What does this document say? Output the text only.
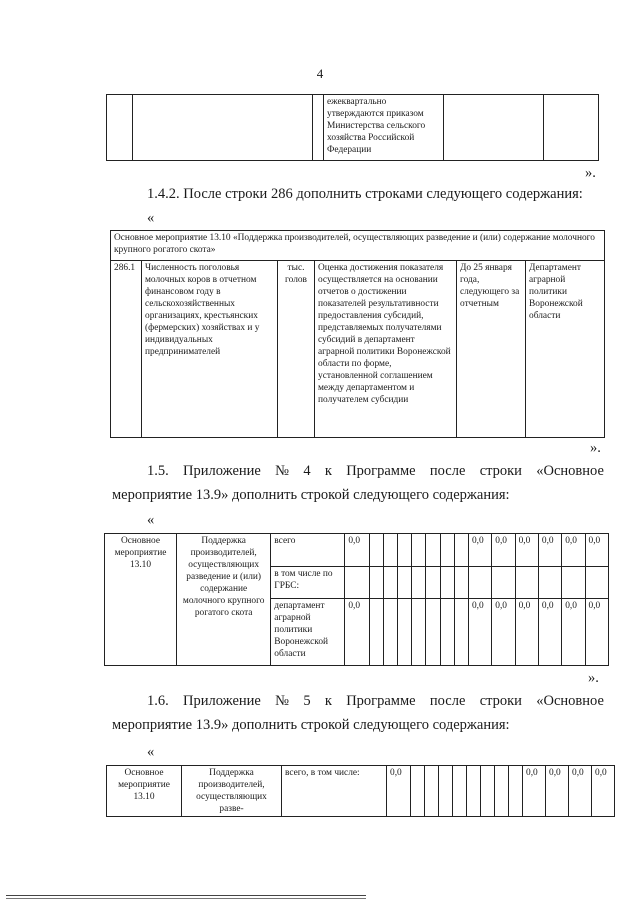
4
			ежеквартально утверждаются приказом Министерства сельского хозяйства Российской Федерации		
».
1.4.2. После строки 286 дополнить строками следующего содержания:
«
Основное мероприятие 13.10 «Поддержка производителей, осуществляющих разведение и (или) содержание молочного крупного рогатого скота»
286.1	Численность поголовья молочных коров в отчетном финансовом году в сельскохозяйственных организациях, крестьянских (фермерских) хозяйствах и у индивидуальных предпринимателей	тыс. голов	Оценка достижения показателя осуществляется на основании отчетов о достижении показателей результативности предоставления субсидий, представляемых получателями субсидий в департамент аграрной политики Воронежской области по форме, установленной соглашением между департаментом и получателем субсидии	До 25 января года, следующего за отчетным	Департамент аграрной политики Воронежской области
».
1.5. Приложение № 4 к Программе после строки «Основное
мероприятие 13.9» дополнить строкой следующего содержания:
«
Основное мероприятие 13.10	Поддержка производителей, осуществляющих разведение и (или) содержание молочного крупного рогатого скота	всего	0,0								0,0	0,0	0,0	0,0	0,0	0,0
		в том числе по ГРБС:														
		департамент аграрной политики Воронежской области	0,0								0,0	0,0	0,0	0,0	0,0	0,0
».
1.6. Приложение № 5 к Программе после строки «Основное
мероприятие 13.9» дополнить строкой следующего содержания:
«
Основное мероприятие 13.10	Поддержка производителей, осуществляющих разве-	всего, в том числе:	0,0									0,0	0,0	0,0	0,0
